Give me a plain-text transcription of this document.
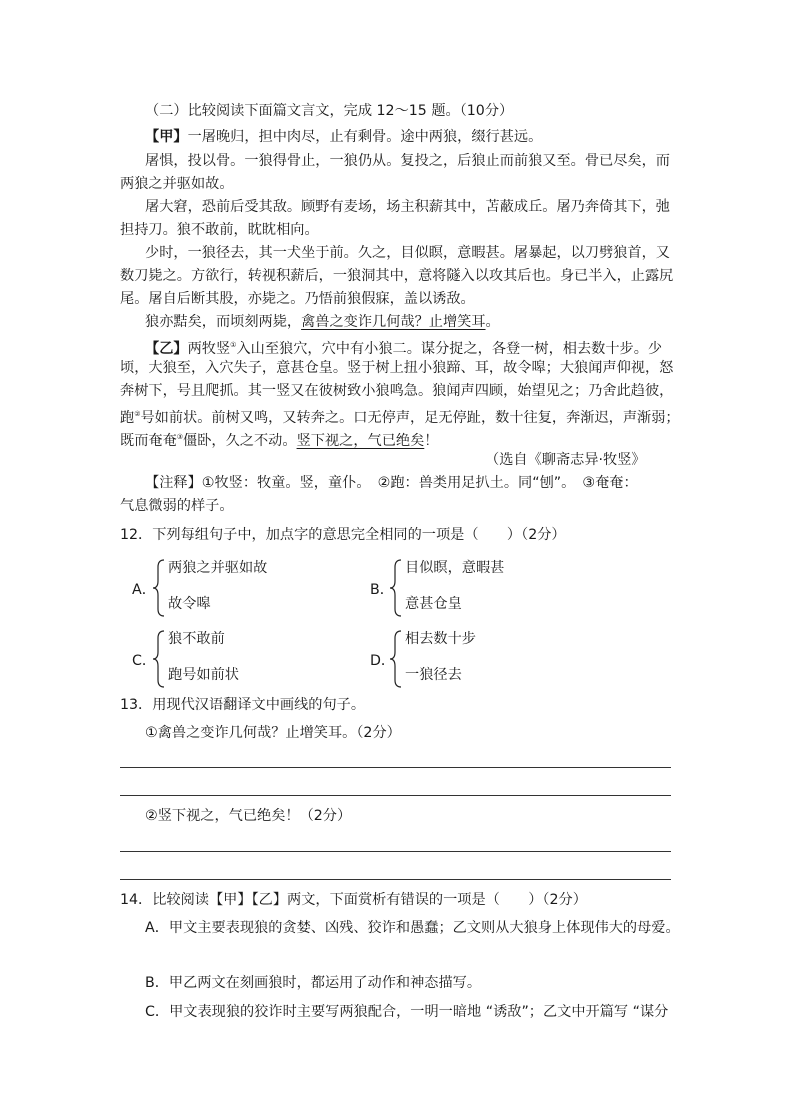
（二）比较阅读下面篇文言文，完成 12～15 题。（10分）
【甲】一屠晚归，担中肉尽，止有剩骨。途中两狼，缀行甚远。
屠惧，投以骨。一狼得骨止，一狼仍从。复投之，后狼止而前狼又至。骨已尽矣，而
两狼之并驱如故。
屠大窘，恐前后受其敌。顾野有麦场，场主积薪其中，苫蔽成丘。屠乃奔倚其下，弛
担持刀。狼不敢前，眈眈相向。
少时，一狼径去，其一犬坐于前。久之，目似瞑，意暇甚。屠暴起，以刀劈狼首，又
数刀毙之。方欲行，转视积薪后，一狼洞其中，意将隧入以攻其后也。身已半入，止露尻
尾。屠自后断其股，亦毙之。乃悟前狼假寐，盖以诱敌。
狼亦黠矣，而顷刻两毙，禽兽之变诈几何哉？止增笑耳。
【乙】两牧竖①入山至狼穴，穴中有小狼二。谋分捉之，各登一树，相去数十步。少
顷，大狼至，入穴失子，意甚仓皇。竖于树上扭小狼蹄、耳，故令嗥；大狼闻声仰视，怒
奔树下，号且爬抓。其一竖又在彼树致小狼鸣急。狼闻声四顾，始望见之；乃舍此趋彼，
跑②号如前状。前树又鸣，又转奔之。口无停声，足无停趾，数十往复，奔渐迟，声渐弱；
既而奄奄③僵卧，久之不动。竖下视之，气已绝矣！
（选自《聊斋志异·牧竖》
【注释】①牧竖：牧童。竖，童仆。　②跑：兽类用足扒土。同“刨”。　③奄奄：
气息微弱的样子。
12．下列每组句子中，加点字的意思完全相同的一项是（　　）（2分）
A．
两狼之并驱如故
故令嗥
B．
目似瞑，意暇甚
意甚仓皇
C．
狼不敢前
跑号如前状
D．
相去数十步
一狼径去
13．用现代汉语翻译文中画线的句子。
①禽兽之变诈几何哉？止增笑耳。（2分）
②竖下视之，气已绝矣！（2分）
14．比较阅读【甲】【乙】两文，下面赏析有错误的一项是（　　）（2分）
A．甲文主要表现狼的贪婪、凶残、狡诈和愚蠢；乙文则从大狼身上体现伟大的母爱。
B．甲乙两文在刻画狼时，都运用了动作和神态描写。
C．甲文表现狼的狡诈时主要写两狼配合，一明一暗地 “诱敌”；乙文中开篇写 “谋分
